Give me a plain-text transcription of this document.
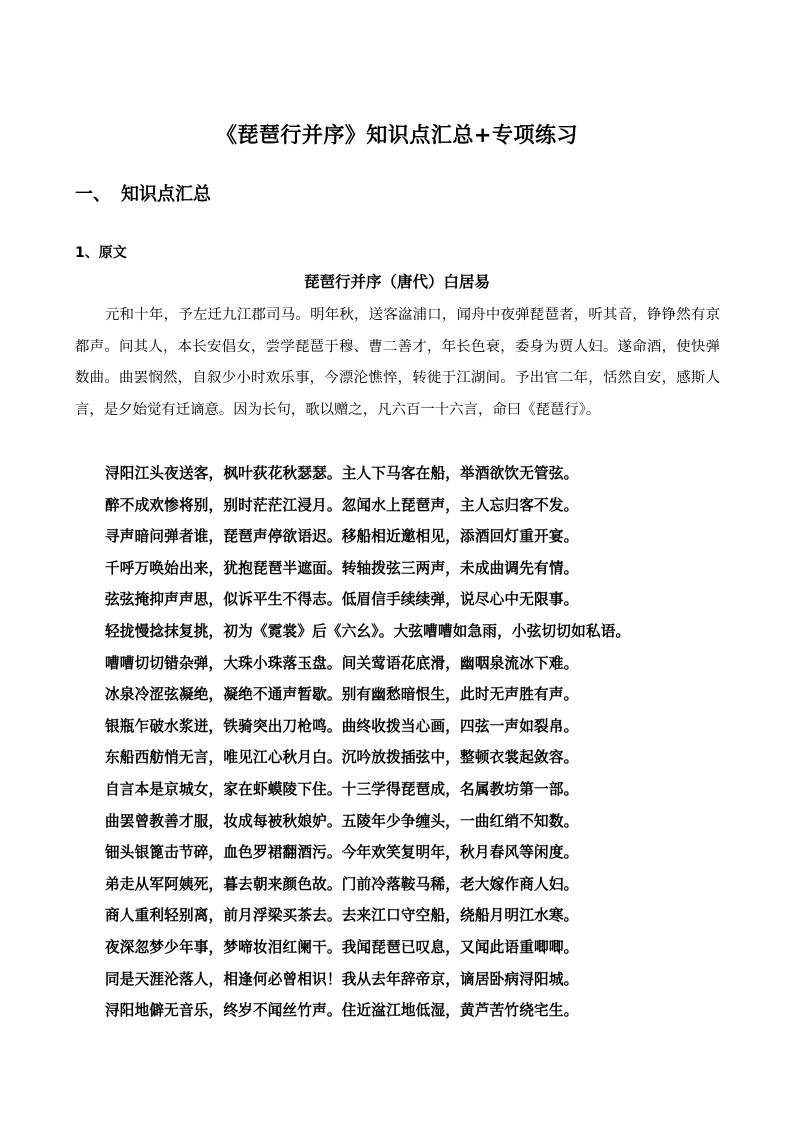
《琵琶行并序》知识点汇总+专项练习
一、 知识点汇总
1、原文
琵琶行并序（唐代）白居易

元和十年，予左迁九江郡司马。明年秋，送客湓浦口，闻舟中夜弹琵琶者，听其音，铮铮然有京都声。问其人，本长安倡女，尝学琵琶于穆、曹二善才，年长色衰，委身为贾人妇。遂命酒，使快弹数曲。曲罢悯然，自叙少小时欢乐事，今漂沦憔悴，转徙于江湖间。予出官二年，恬然自安，感斯人言，是夕始觉有迁谪意。因为长句，歌以赠之，凡六百一十六言，命曰《琵琶行》。

浔阳江头夜送客，枫叶荻花秋瑟瑟。主人下马客在船，举酒欲饮无管弦。
醉不成欢惨将别，别时茫茫江浸月。忽闻水上琵琶声，主人忘归客不发。
寻声暗问弹者谁，琵琶声停欲语迟。移船相近邀相见，添酒回灯重开宴。
千呼万唤始出来，犹抱琵琶半遮面。转轴拨弦三两声，未成曲调先有情。
弦弦掩抑声声思，似诉平生不得志。低眉信手续续弹，说尽心中无限事。
轻拢慢捻抹复挑，初为《霓裳》后《六幺》。大弦嘈嘈如急雨，小弦切切如私语。
嘈嘈切切错杂弹，大珠小珠落玉盘。间关莺语花底滑，幽咽泉流冰下难。
冰泉冷涩弦凝绝，凝绝不通声暂歇。别有幽愁暗恨生，此时无声胜有声。
银瓶乍破水浆迸，铁骑突出刀枪鸣。曲终收拨当心画，四弦一声如裂帛。
东船西舫悄无言，唯见江心秋月白。沉吟放拨插弦中，整顿衣裳起敛容。
自言本是京城女，家在虾蟆陵下住。十三学得琵琶成，名属教坊第一部。
曲罢曾教善才服，妆成每被秋娘妒。五陵年少争缠头，一曲红绡不知数。
钿头银篦击节碎，血色罗裙翻酒污。今年欢笑复明年，秋月春风等闲度。
弟走从军阿姨死，暮去朝来颜色故。门前冷落鞍马稀，老大嫁作商人妇。
商人重利轻别离，前月浮梁买茶去。去来江口守空船，绕船月明江水寒。
夜深忽梦少年事，梦啼妆泪红阑干。我闻琵琶已叹息，又闻此语重唧唧。
同是天涯沦落人，相逢何必曾相识！我从去年辞帝京，谪居卧病浔阳城。
浔阳地僻无音乐，终岁不闻丝竹声。住近湓江地低湿，黄芦苦竹绕宅生。
